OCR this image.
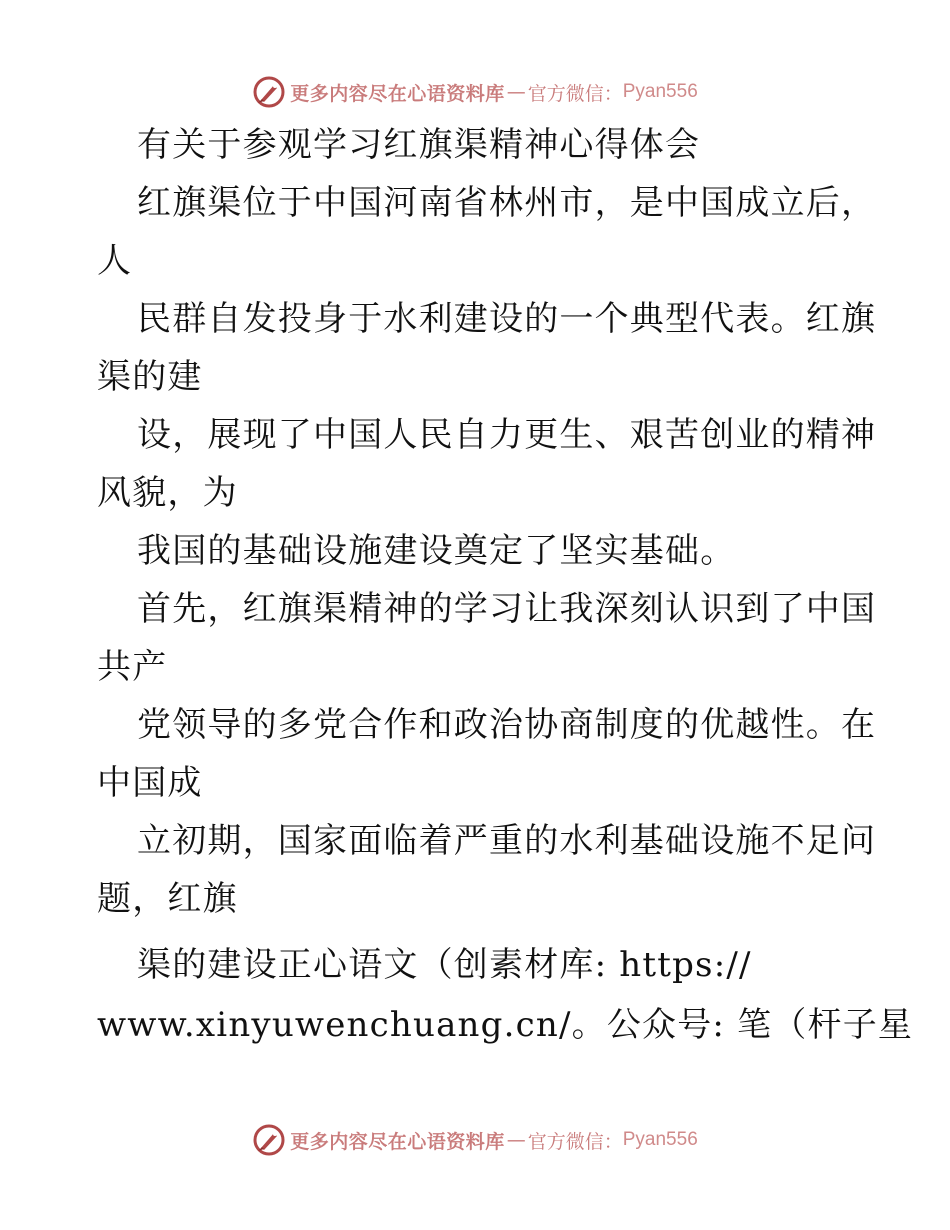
更多内容尽在心语资料库 — 官方微信： Pyan556
有关于参观学习红旗渠精神心得体会
红旗渠位于中国河南省林州市，是中国成立后，
人
民群自发投身于水利建设的一个典型代表。红旗
渠的建
设，展现了中国人民自力更生、艰苦创业的精神
风貌，为
我国的基础设施建设奠定了坚实基础。
首先，红旗渠精神的学习让我深刻认识到了中国
共产
党领导的多党合作和政治协商制度的优越性。在
中国成
立初期，国家面临着严重的水利基础设施不足问
题，红旗
渠的建设正心语文（创素材库: https://
www.xinyuwenchuang.cn/。公众号: 笔（杆子星
更多内容尽在心语资料库 — 官方微信： Pyan556
